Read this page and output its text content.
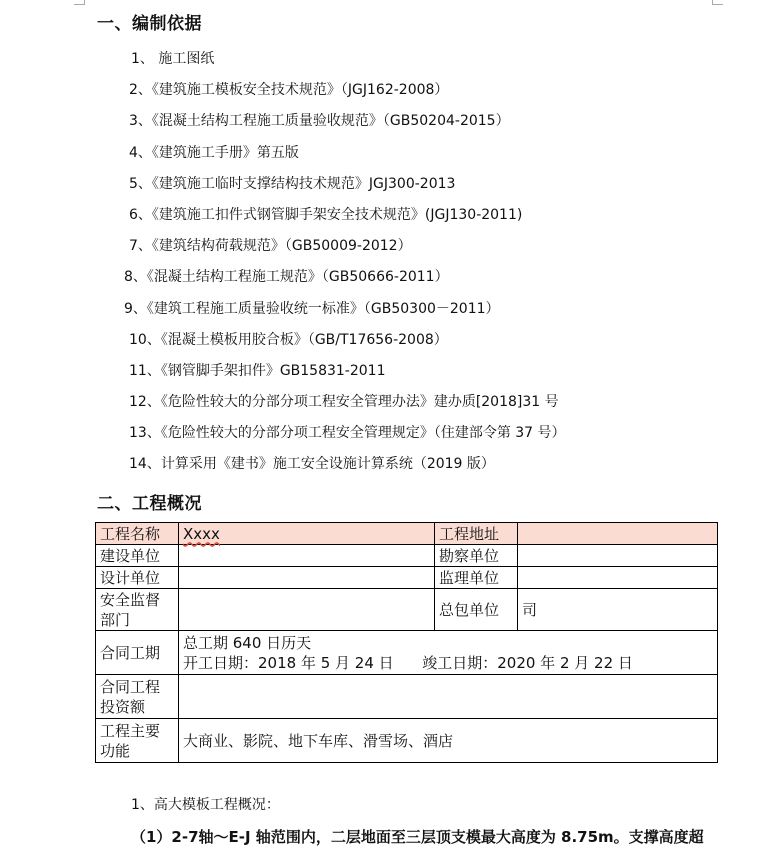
一、编制依据
1、 施工图纸
2、《建筑施工模板安全技术规范》（JGJ162-2008）
3、《混凝土结构工程施工质量验收规范》（GB50204-2015）
4、《建筑施工手册》第五版
5、《建筑施工临时支撑结构技术规范》JGJ300-2013
6、《建筑施工扣件式钢管脚手架安全技术规范》(JGJ130-2011)
7、《建筑结构荷载规范》（GB50009-2012）
8、《混凝土结构工程施工规范》（GB50666-2011）
9、《建筑工程施工质量验收统一标准》（GB50300－2011）
10、《混凝土模板用胶合板》（GB/T17656-2008）
11、《钢管脚手架扣件》GB15831-2011
12、《危险性较大的分部分项工程安全管理办法》建办质[2018]31 号
13、《危险性较大的分部分项工程安全管理规定》（住建部令第 37 号）
14、计算采用《建书》施工安全设施计算系统（2019 版）
二、工程概况
工程名称	Xxxx	工程地址	
建设单位		勘察单位	
设计单位		监理单位	
安全监督部门		总包单位	司
合同工期	总工期 640 日历天
开工日期：2018 年 5 月 24 日      竣工日期：2020 年 2 月 22 日		

合同工程投资额			
工程主要功能	大商业、影院、地下车库、滑雪场、酒店		
1、高大模板工程概况：
（1）2-7轴～E-J 轴范围内，二层地面至三层顶支模最大高度为 8.75m。支撑高度超
